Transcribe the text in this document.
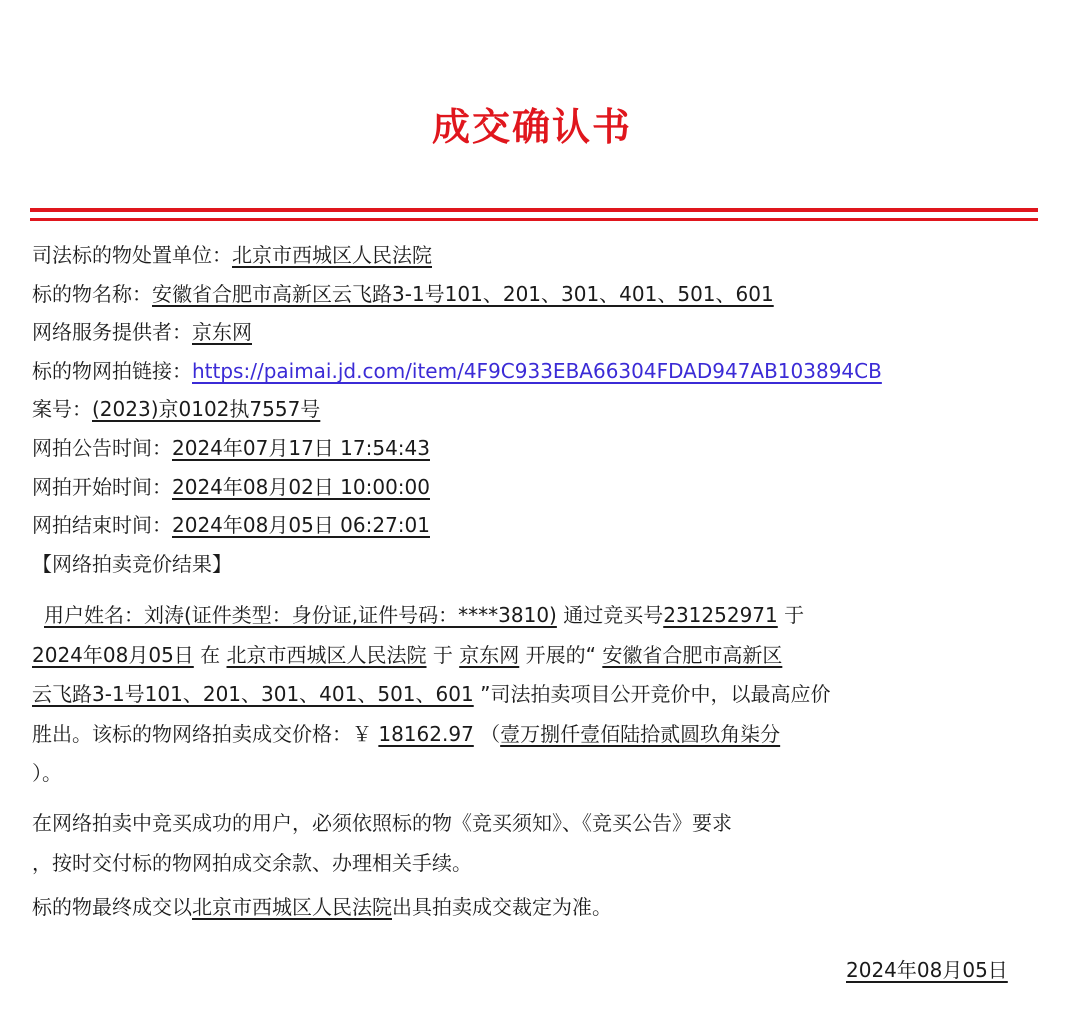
成交确认书
司法标的物处置单位：北京市西城区人民法院
标的物名称：安徽省合肥市高新区云飞路3-1号101、201、301、401、501、601
网络服务提供者：京东网
标的物网拍链接：https://paimai.jd.com/item/4F9C933EBA66304FDAD947AB103894CB
案号：(2023)京0102执7557号
网拍公告时间：2024年07月17日 17:54:43
网拍开始时间：2024年08月02日 10:00:00
网拍结束时间：2024年08月05日 06:27:01
【网络拍卖竞价结果】
用户姓名：刘涛(证件类型：身份证,证件号码：****3810) 通过竞买号231252971 于
2024年08月05日 在 北京市西城区人民法院 于 京东网 开展的“ 安徽省合肥市高新区
云飞路3-1号101、201、301、401、501、601 ”司法拍卖项目公开竞价中，以最高应价
胜出。该标的物网络拍卖成交价格：￥ 18162.97 （壹万捌仟壹佰陆拾贰圆玖角柒分
）。
在网络拍卖中竞买成功的用户，必须依照标的物《竞买须知》、《竞买公告》要求
，按时交付标的物网拍成交余款、办理相关手续。
标的物最终成交以北京市西城区人民法院出具拍卖成交裁定为准。
2024年08月05日
